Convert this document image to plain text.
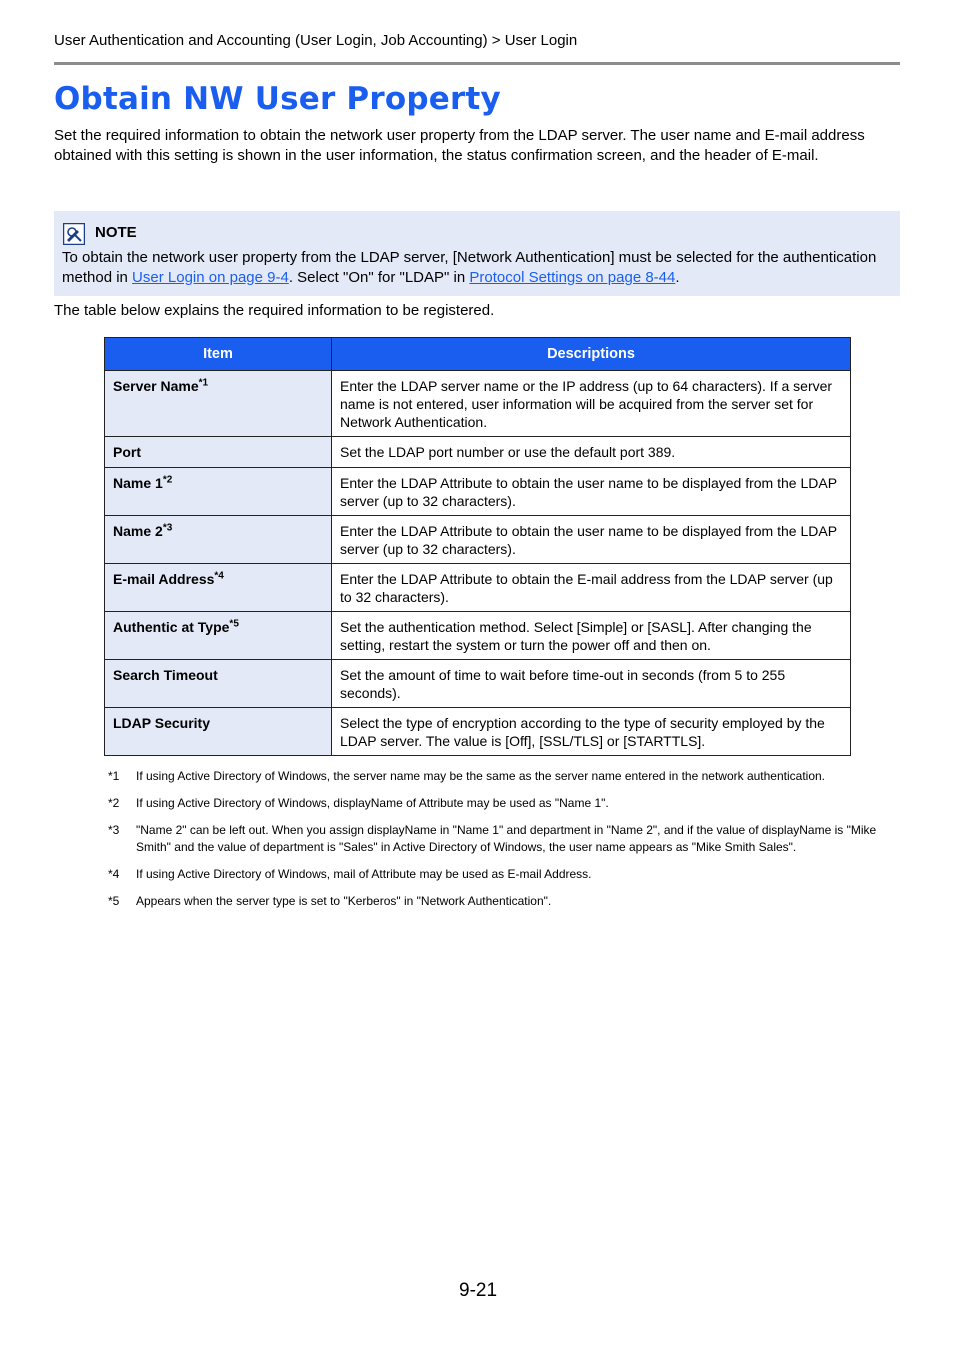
User Authentication and Accounting (User Login, Job Accounting) > User Login
Obtain NW User Property

Set the required information to obtain the network user property from the LDAP server. The user name and E-mail address obtained with this setting is shown in the user information, the status confirmation screen, and the header of E-mail.

NOTE

To obtain the network user property from the LDAP server, [Network Authentication] must be selected for the authentication method in User Login on page 9-4. Select "On" for "LDAP" in Protocol Settings on page 8-44.

The table below explains the required information to be registered.

Item	Descriptions
Server Name$^{*1}$	Enter the LDAP server name or the IP address (up to 64 characters). If a server name is not entered, user information will be acquired from the server set for Network Authentication.
Port	Set the LDAP port number or use the default port 389.
Name 1$^{*2}$	Enter the LDAP Attribute to obtain the user name to be displayed from the LDAP server (up to 32 characters).
Name 2$^{*3}$	Enter the LDAP Attribute to obtain the user name to be displayed from the LDAP server (up to 32 characters).
E-mail Address$^{*4}$	Enter the LDAP Attribute to obtain the E-mail address from the LDAP server (up to 32 characters).
Authentic at Type$^{*5}$	Set the authentication method. Select [Simple] or [SASL]. After changing the setting, restart the system or turn the power off and then on.
Search Timeout	Set the amount of time to wait before time-out in seconds (from 5 to 255 seconds).
LDAP Security	Select the type of encryption according to the type of security employed by the LDAP server. The value is [Off], [SSL/TLS] or [STARTTLS].
*1 If using Active Directory of Windows, the server name may be the same as the server name entered in the network authentication.
*2 If using Active Directory of Windows, displayName of Attribute may be used as "Name 1".
*3 "Name 2" can be left out. When you assign displayName in "Name 1" and department in "Name 2", and if the value of displayName is "Mike Smith" and the value of department is "Sales" in Active Directory of Windows, the user name appears as "Mike Smith Sales".
*4 If using Active Directory of Windows, mail of Attribute may be used as E-mail Address.
*5 Appears when the server type is set to "Kerberos" in "Network Authentication".
9-21
